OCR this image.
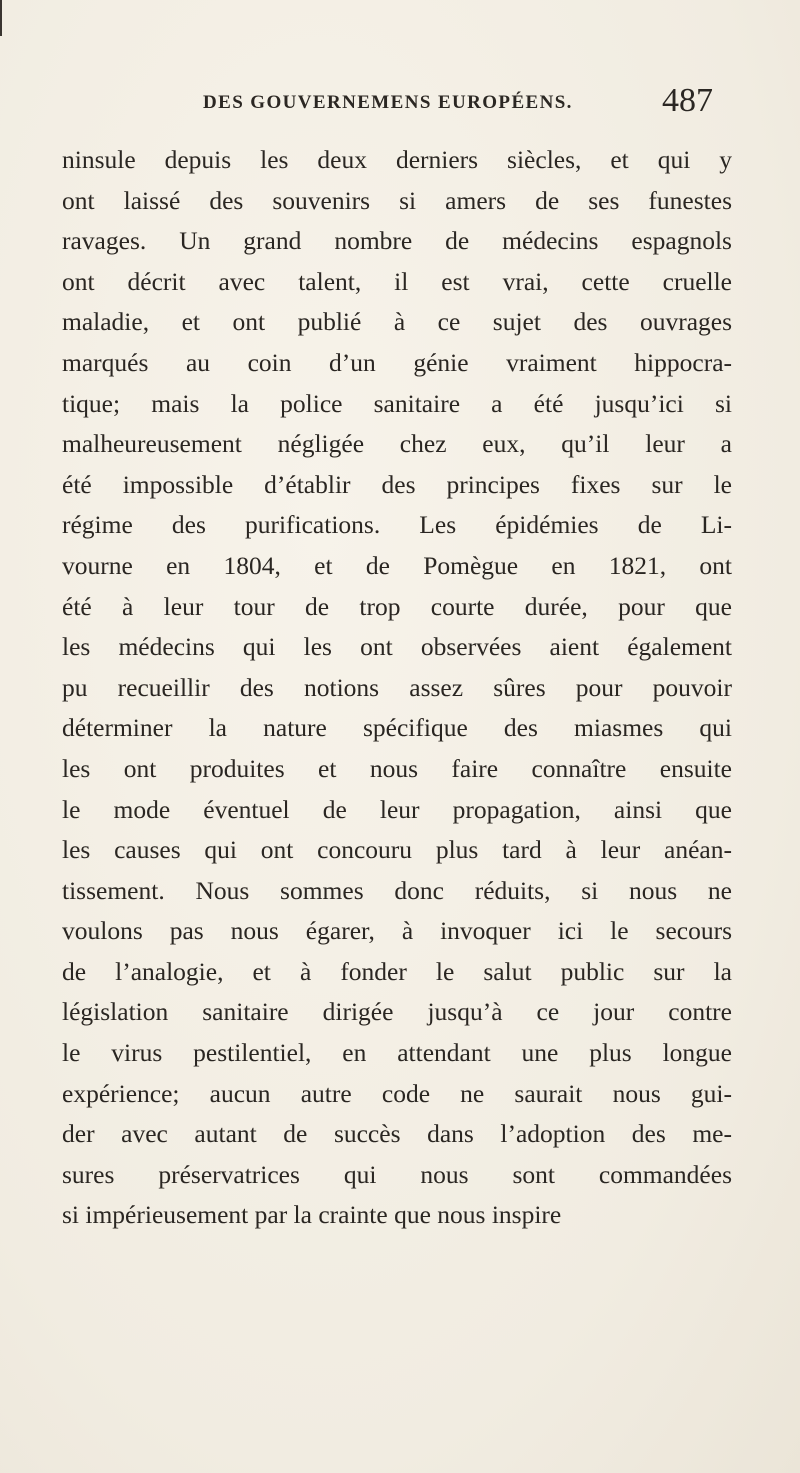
DES GOUVERNEMENS EUROPÉENS.	487
ninsule depuis les deux derniers siècles, et qui y
ont laissé des souvenirs si amers de ses funestes
ravages. Un grand nombre de médecins espagnols
ont décrit avec talent, il est vrai, cette cruelle
maladie, et ont publié à ce sujet des ouvrages
marqués au coin d’un génie vraiment hippocra-
tique; mais la police sanitaire a été jusqu’ici si
malheureusement négligée chez eux, qu’il leur a
été impossible d’établir des principes fixes sur le
régime des purifications. Les épidémies de Li-
vourne en 1804, et de Pomègue en 1821, ont
été à leur tour de trop courte durée, pour que
les médecins qui les ont observées aient également
pu recueillir des notions assez sûres pour pouvoir
déterminer la nature spécifique des miasmes qui
les ont produites et nous faire connaître ensuite
le mode éventuel de leur propagation, ainsi que
les causes qui ont concouru plus tard à leur anéan-
tissement. Nous sommes donc réduits, si nous ne
voulons pas nous égarer, à invoquer ici le secours
de l’analogie, et à fonder le salut public sur la
législation sanitaire dirigée jusqu’à ce jour contre
le virus pestilentiel, en attendant une plus longue
expérience; aucun autre code ne saurait nous gui-
der avec autant de succès dans l’adoption des me-
sures préservatrices qui nous sont commandées
si impérieusement par la crainte que nous inspire
